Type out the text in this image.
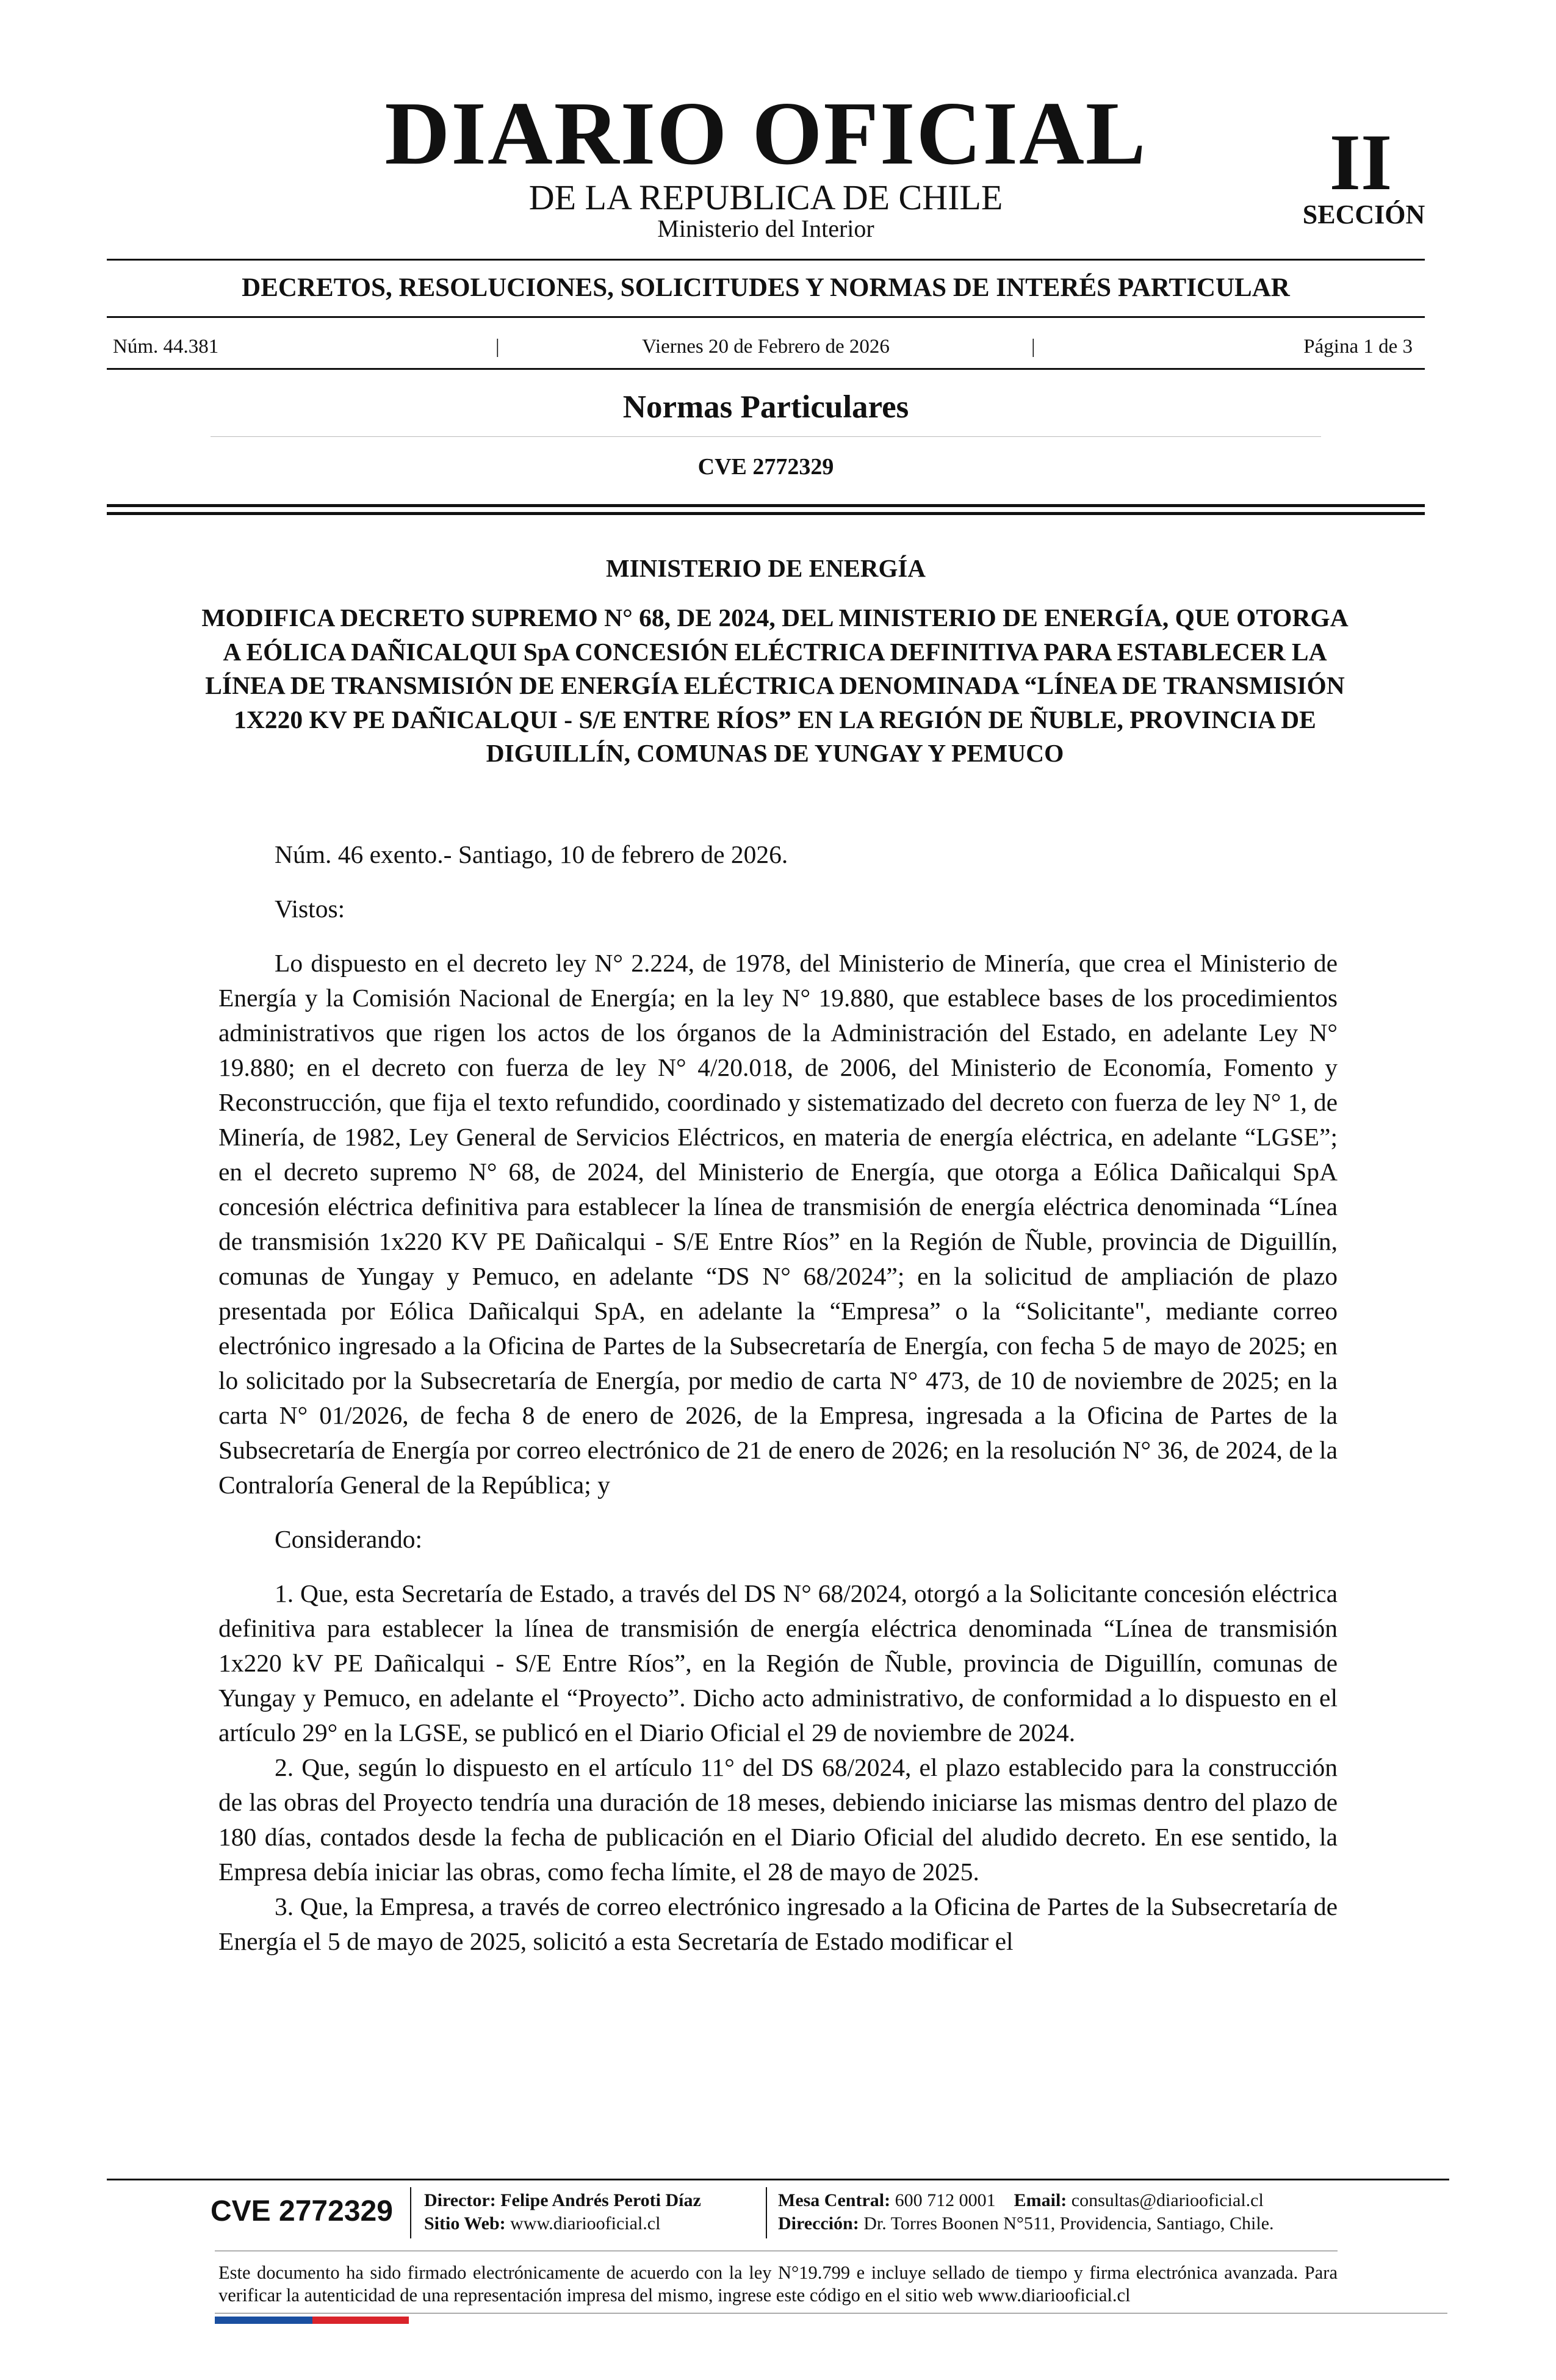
DIARIO OFICIAL
DE LA REPUBLICA DE CHILE
Ministerio del Interior
II
SECCIÓN
DECRETOS, RESOLUCIONES, SOLICITUDES Y NORMAS DE INTERÉS PARTICULAR
Núm. 44.381	|	Viernes 20 de Febrero de 2026	|	Página 1 de 3
Normas Particulares
CVE 2772329
MINISTERIO DE ENERGÍA
MODIFICA DECRETO SUPREMO N° 68, DE 2024, DEL MINISTERIO DE ENERGÍA, QUE OTORGA A EÓLICA DAÑICALQUI SpA CONCESIÓN ELÉCTRICA DEFINITIVA PARA ESTABLECER LA LÍNEA DE TRANSMISIÓN DE ENERGÍA ELÉCTRICA DENOMINADA “LÍNEA DE TRANSMISIÓN 1X220 KV PE DAÑICALQUI - S/E ENTRE RÍOS” EN LA REGIÓN DE ÑUBLE, PROVINCIA DE DIGUILLÍN, COMUNAS DE YUNGAY Y PEMUCO

Núm. 46 exento.- Santiago, 10 de febrero de 2026.

Vistos:

Lo dispuesto en el decreto ley N° 2.224, de 1978, del Ministerio de Minería, que crea el Ministerio de Energía y la Comisión Nacional de Energía; en la ley N° 19.880, que establece bases de los procedimientos administrativos que rigen los actos de los órganos de la Administración del Estado, en adelante Ley N° 19.880; en el decreto con fuerza de ley N° 4/20.018, de 2006, del Ministerio de Economía, Fomento y Reconstrucción, que fija el texto refundido, coordinado y sistematizado del decreto con fuerza de ley N° 1, de Minería, de 1982, Ley General de Servicios Eléctricos, en materia de energía eléctrica, en adelante “LGSE”; en el decreto supremo N° 68, de 2024, del Ministerio de Energía, que otorga a Eólica Dañicalqui SpA concesión eléctrica definitiva para establecer la línea de transmisión de energía eléctrica denominada “Línea de transmisión 1x220 KV PE Dañicalqui - S/E Entre Ríos” en la Región de Ñuble, provincia de Diguillín, comunas de Yungay y Pemuco, en adelante “DS N° 68/2024”; en la solicitud de ampliación de plazo presentada por Eólica Dañicalqui SpA, en adelante la “Empresa” o la “Solicitante", mediante correo electrónico ingresado a la Oficina de Partes de la Subsecretaría de Energía, con fecha 5 de mayo de 2025; en lo solicitado por la Subsecretaría de Energía, por medio de carta N° 473, de 10 de noviembre de 2025; en la carta N° 01/2026, de fecha 8 de enero de 2026, de la Empresa, ingresada a la Oficina de Partes de la Subsecretaría de Energía por correo electrónico de 21 de enero de 2026; en la resolución N° 36, de 2024, de la Contraloría General de la República; y

Considerando:

1. Que, esta Secretaría de Estado, a través del DS N° 68/2024, otorgó a la Solicitante concesión eléctrica definitiva para establecer la línea de transmisión de energía eléctrica denominada “Línea de transmisión 1x220 kV PE Dañicalqui - S/E Entre Ríos”, en la Región de Ñuble, provincia de Diguillín, comunas de Yungay y Pemuco, en adelante el “Proyecto”. Dicho acto administrativo, de conformidad a lo dispuesto en el artículo 29° en la LGSE, se publicó en el Diario Oficial el 29 de noviembre de 2024.

2. Que, según lo dispuesto en el artículo 11° del DS 68/2024, el plazo establecido para la construcción de las obras del Proyecto tendría una duración de 18 meses, debiendo iniciarse las mismas dentro del plazo de 180 días, contados desde la fecha de publicación en el Diario Oficial del aludido decreto. En ese sentido, la Empresa debía iniciar las obras, como fecha límite, el 28 de mayo de 2025.

3. Que, la Empresa, a través de correo electrónico ingresado a la Oficina de Partes de la Subsecretaría de Energía el 5 de mayo de 2025, solicitó a esta Secretaría de Estado modificar el

CVE 2772329 Director: Felipe Andrés Peroti Díaz
Sitio Web: www.diariooficial.cl
Mesa Central: 600 712 0001 Email: consultas@diariooficial.cl
Dirección: Dr. Torres Boonen N°511, Providencia, Santiago, Chile.
Este documento ha sido firmado electrónicamente de acuerdo con la ley N°19.799 e incluye sellado de tiempo y firma electrónica avanzada. Para verificar la autenticidad de una representación impresa del mismo, ingrese este código en el sitio web www.diariooficial.cl
